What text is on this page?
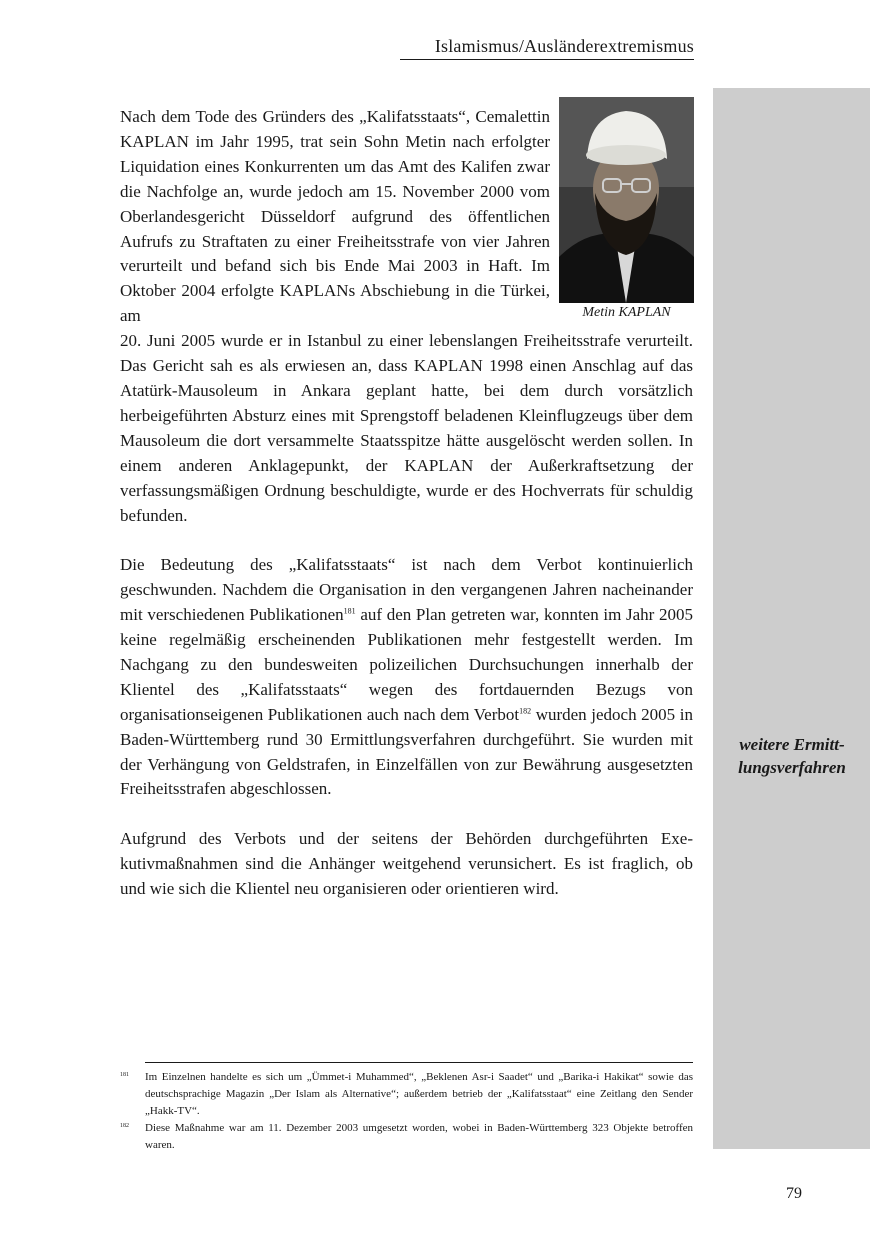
Islamismus/Ausländerextremismus
weitere Ermitt-
lungsverfahren
Metin KAPLAN

Nach dem Tode des Gründers des „Kalifatsstaats“, Cemalettin KAPLAN im Jahr 1995, trat sein Sohn Metin nach erfolgter Liquidation eines Konkurrenten um das Amt des Kalifen zwar die Nachfolge an, wurde jedoch am 15. November 2000 vom Oberlandesgericht Düsseldorf aufgrund des öffentlichen Aufrufs zu Straftaten zu einer Freiheitsstrafe von vier Jahren verurteilt und befand sich bis Ende Mai 2003 in Haft. Im Oktober 2004 erfolgte KAPLANs Abschiebung in die Türkei, am
20. Juni 2005 wurde er in Istanbul zu einer lebenslangen Freiheitsstrafe verurteilt. Das Gericht sah es als erwiesen an, dass KAPLAN 1998 einen Anschlag auf das Atatürk-Mausoleum in Ankara geplant hatte, bei dem durch vorsätzlich herbeigeführten Absturz eines mit Sprengstoff beladenen Kleinflugzeugs über dem Mausoleum die dort versammelte Staatsspitze hätte ausgelöscht werden sollen. In einem anderen Anklagepunkt, der KAPLAN der Außerkraftsetzung der verfassungsmäßigen Ordnung beschuldigte, wurde er des Hochverrats für schuldig befunden.

Die Bedeutung des „Kalifatsstaats“ ist nach dem Verbot kontinuierlich geschwunden. Nachdem die Organisation in den vergangenen Jahren nacheinander mit verschiedenen Publikationen$^{181}$ auf den Plan getreten war, konnten im Jahr 2005 keine regelmäßig erscheinenden Publikationen mehr festgestellt werden. Im Nachgang zu den bundesweiten polizeilichen Durchsuchungen innerhalb der Klientel des „Kalifatsstaats“ wegen des fortdauernden Bezugs von organisationseigenen Publikationen auch nach dem Verbot$^{182}$ wurden jedoch 2005 in Baden-Württemberg rund 30 Ermittlungsverfahren durchgeführt. Sie wurden mit der Verhängung von Geldstrafen, in Einzelfällen von zur Bewährung ausgesetzten Freiheitsstrafen abgeschlossen.

Aufgrund des Verbots und der seitens der Behörden durchgeführten Exekutivmaßnahmen sind die Anhänger weitgehend verunsichert. Es ist fraglich, ob und wie sich die Klientel neu organisieren oder orientieren wird.

181 Im Einzelnen handelte es sich um „Ümmet-i Muhammed“, „Beklenen Asr-i Saadet“ und „Barika-i Hakikat“ sowie das deutschsprachige Magazin „Der Islam als Alternative“; außerdem betrieb der „Kalifatsstaat“ eine Zeitlang den Sender „Hakk-TV“.
182 Diese Maßnahme war am 11. Dezember 2003 umgesetzt worden, wobei in Baden-Württemberg 323 Objekte betroffen waren.
79
